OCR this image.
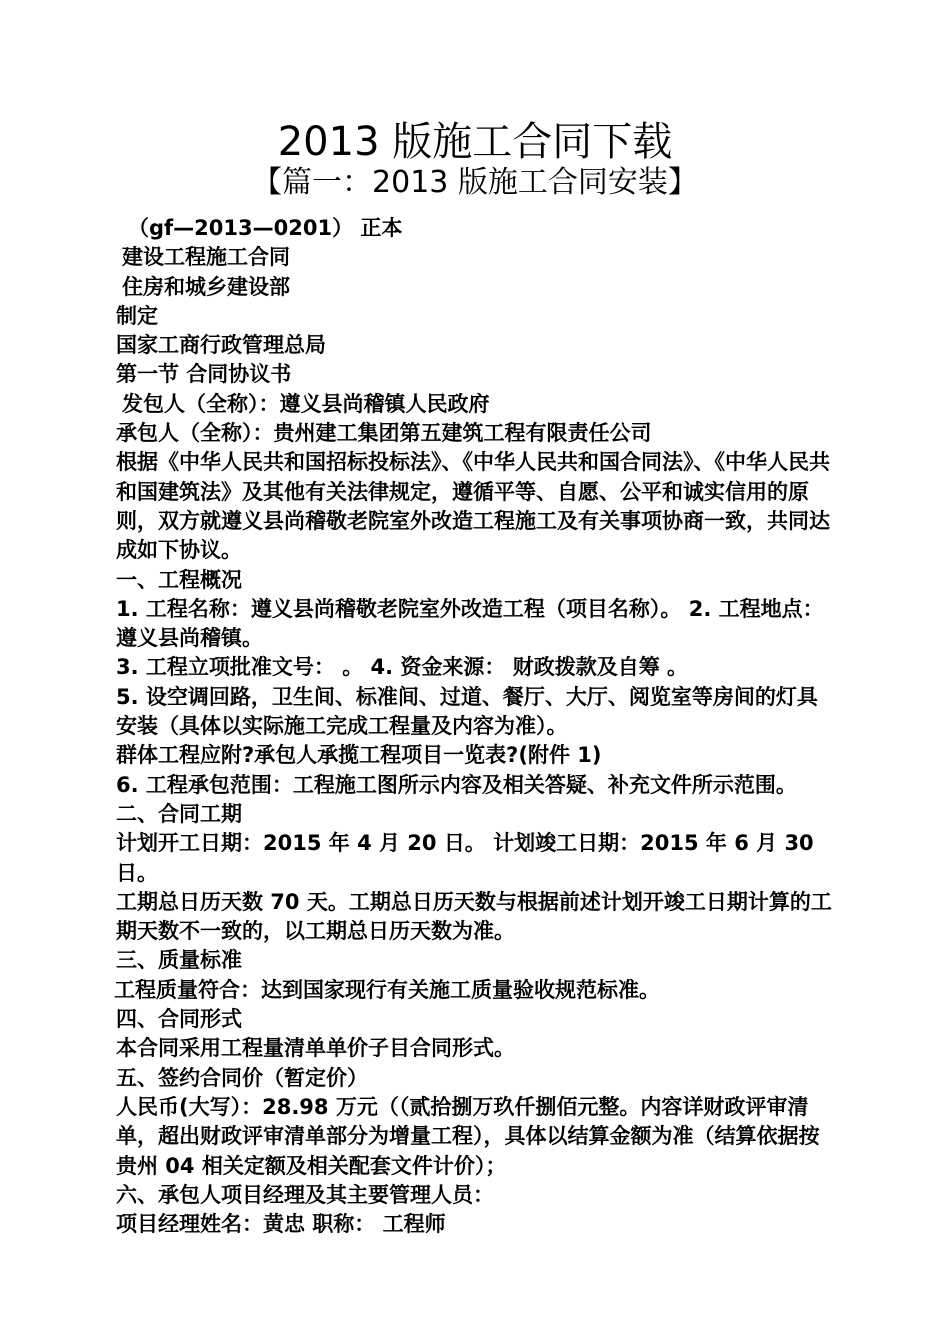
2013 版施工合同下载
【篇一：2013 版施工合同安装】

（gf—2013—0201） 正本

建设工程施工合同

住房和城乡建设部

制定

国家工商行政管理总局

第一节 合同协议书

发包人（全称）：遵义县尚稽镇人民政府

承包人（全称）：贵州建工集团第五建筑工程有限责任公司

根据《中华人民共和国招标投标法》、《中华人民共和国合同法》、《中华人民共和国建筑法》及其他有关法律规定，遵循平等、自愿、公平和诚实信用的原则，双方就遵义县尚稽敬老院室外改造工程施工及有关事项协商一致，共同达成如下协议。

一、工程概况

1. 工程名称：遵义县尚稽敬老院室外改造工程（项目名称）。 2. 工程地点：遵义县尚稽镇。

3. 工程立项批准文号： 。 4. 资金来源： 财政拨款及自筹 。

5. 设空调回路，卫生间、标准间、过道、餐厅、大厅、阅览室等房间的灯具安装（具体以实际施工完成工程量及内容为准）。

群体工程应附?承包人承揽工程项目一览表?(附件 1)

6. 工程承包范围：工程施工图所示内容及相关答疑、补充文件所示范围。

二、合同工期

计划开工日期：2015 年 4 月 20 日。 计划竣工日期：2015 年 6 月 30 日。

工期总日历天数 70 天。工期总日历天数与根据前述计划开竣工日期计算的工期天数不一致的，以工期总日历天数为准。

三、质量标准

工程质量符合：达到国家现行有关施工质量验收规范标准。

四、合同形式

本合同采用工程量清单单价子目合同形式。

五、签约合同价（暂定价）

人民币(大写）：28.98 万元（（贰拾捌万玖仟捌佰元整。内容详财政评审清单，超出财政评审清单部分为增量工程），具体以结算金额为准（结算依据按贵州 04 相关定额及相关配套文件计价）；

六、承包人项目经理及其主要管理人员：

项目经理姓名：黄忠 职称： 工程师
